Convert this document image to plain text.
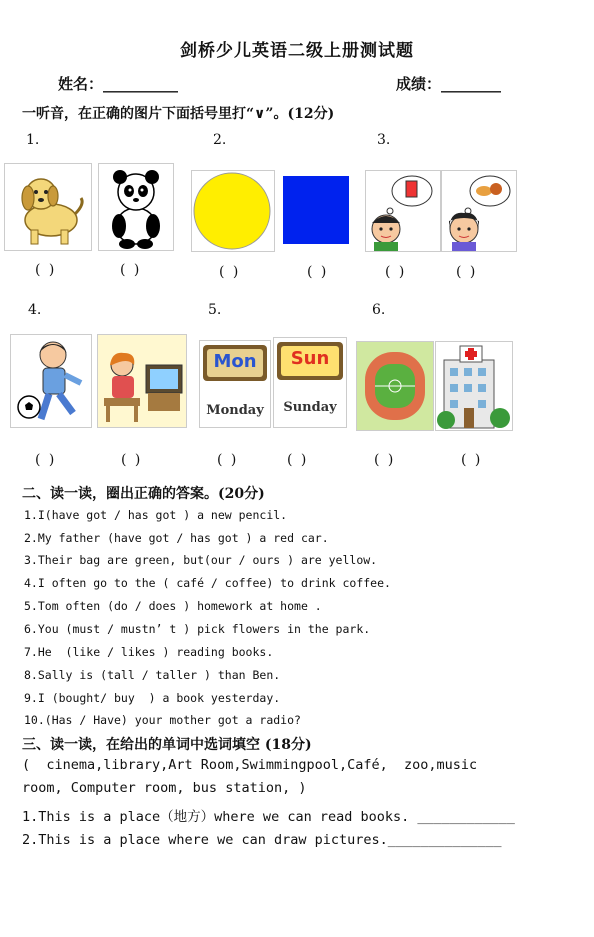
剑桥少儿英语二级上册测试题
姓名：__________	成绩：________
一听音，在正确的图片下面括号里打“∨”。(12分)
1.	2.	3.
( )	( )	( )	( )	( )	( )
4.	5.	6.
Mon
Monday
Sun
Sunday
( )	( )	( )	( )	( )	( )
二、读一读，圈出正确的答案。(20分)
1.I(have got / has got ) a new pencil.
2.My father (have got / has got ) a red car.
3.Their bag are green, but(our / ours ) are yellow.
4.I often go to the ( café / coffee) to drink coffee.
5.Tom often (do / does ) homework at home .
6.You (must / mustn’ t ) pick flowers in the park.
7.He  (like / likes ) reading books.
8.Sally is (tall / taller ) than Ben.
9.I (bought/ buy  ) a book yesterday.
10.(Has / Have) your mother got a radio?
三、读一读，在给出的单词中选词填空 (18分)
(  cinema,library,Art Room,Swimmingpool,Café,  zoo,music
room, Computer room, bus station, )
1.This is a place（地方）where we can read books. ____________
2.This is a place where we can draw pictures.______________
